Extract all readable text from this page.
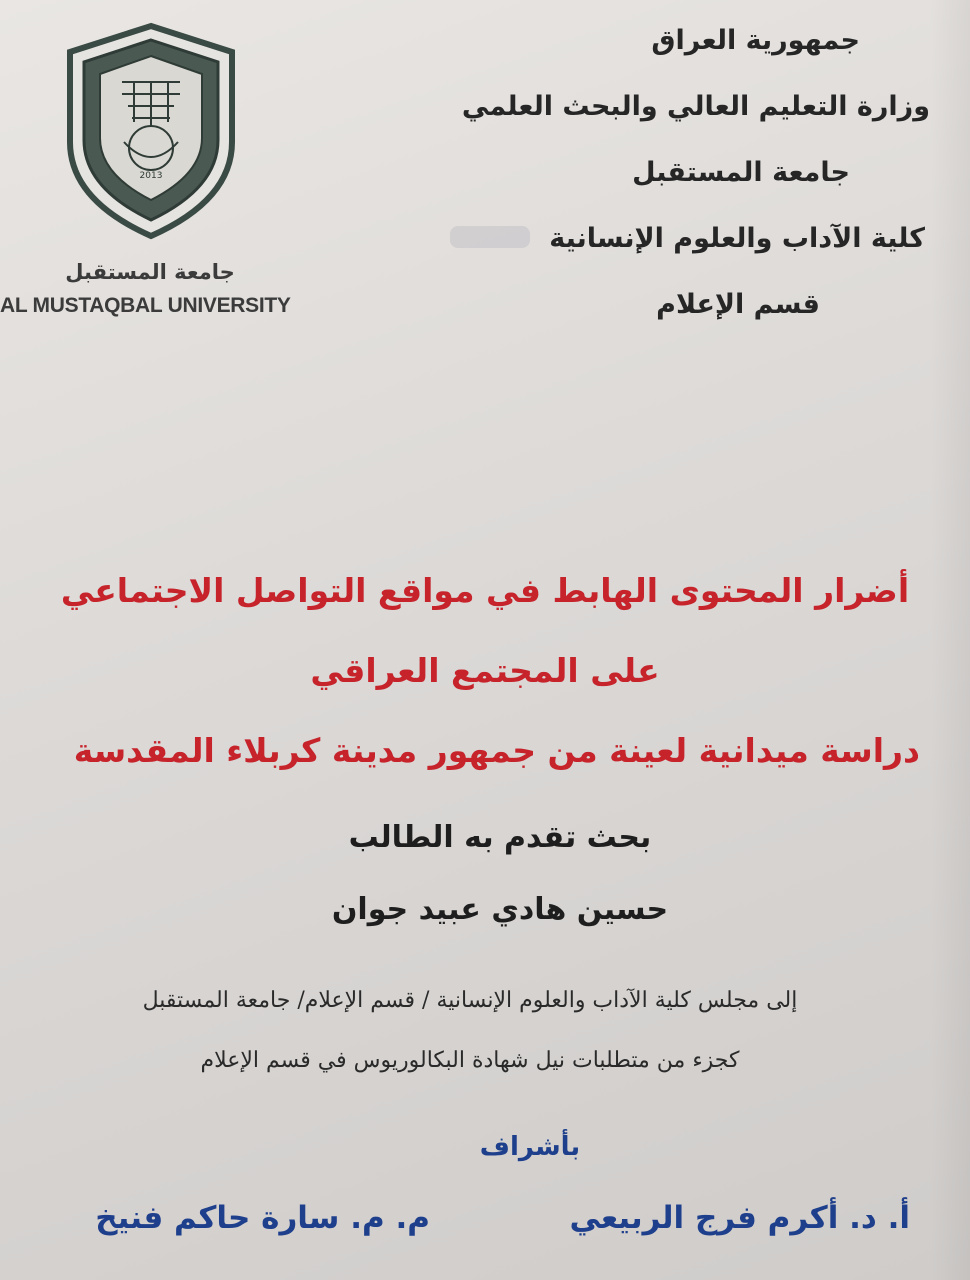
2013
جامعة المستقبل
AL MUSTAQBAL UNIVERSITY
جمهورية العراق
وزارة التعليم العالي والبحث العلمي
جامعة المستقبل
كلية الآداب والعلوم الإنسانية
قسم الإعلام
أضرار المحتوى الهابط في مواقع التواصل الاجتماعي
على المجتمع العراقي
دراسة ميدانية لعينة من جمهور مدينة كربلاء المقدسة
بحث تقدم به الطالب
حسين هادي عبيد جوان
إلى مجلس كلية الآداب والعلوم الإنسانية / قسم الإعلام/ جامعة المستقبل
كجزء من متطلبات نيل شهادة البكالوريوس في قسم الإعلام
بأشراف
أ. د. أكرم فرج الربيعي
م. م. سارة حاكم فنيخ
